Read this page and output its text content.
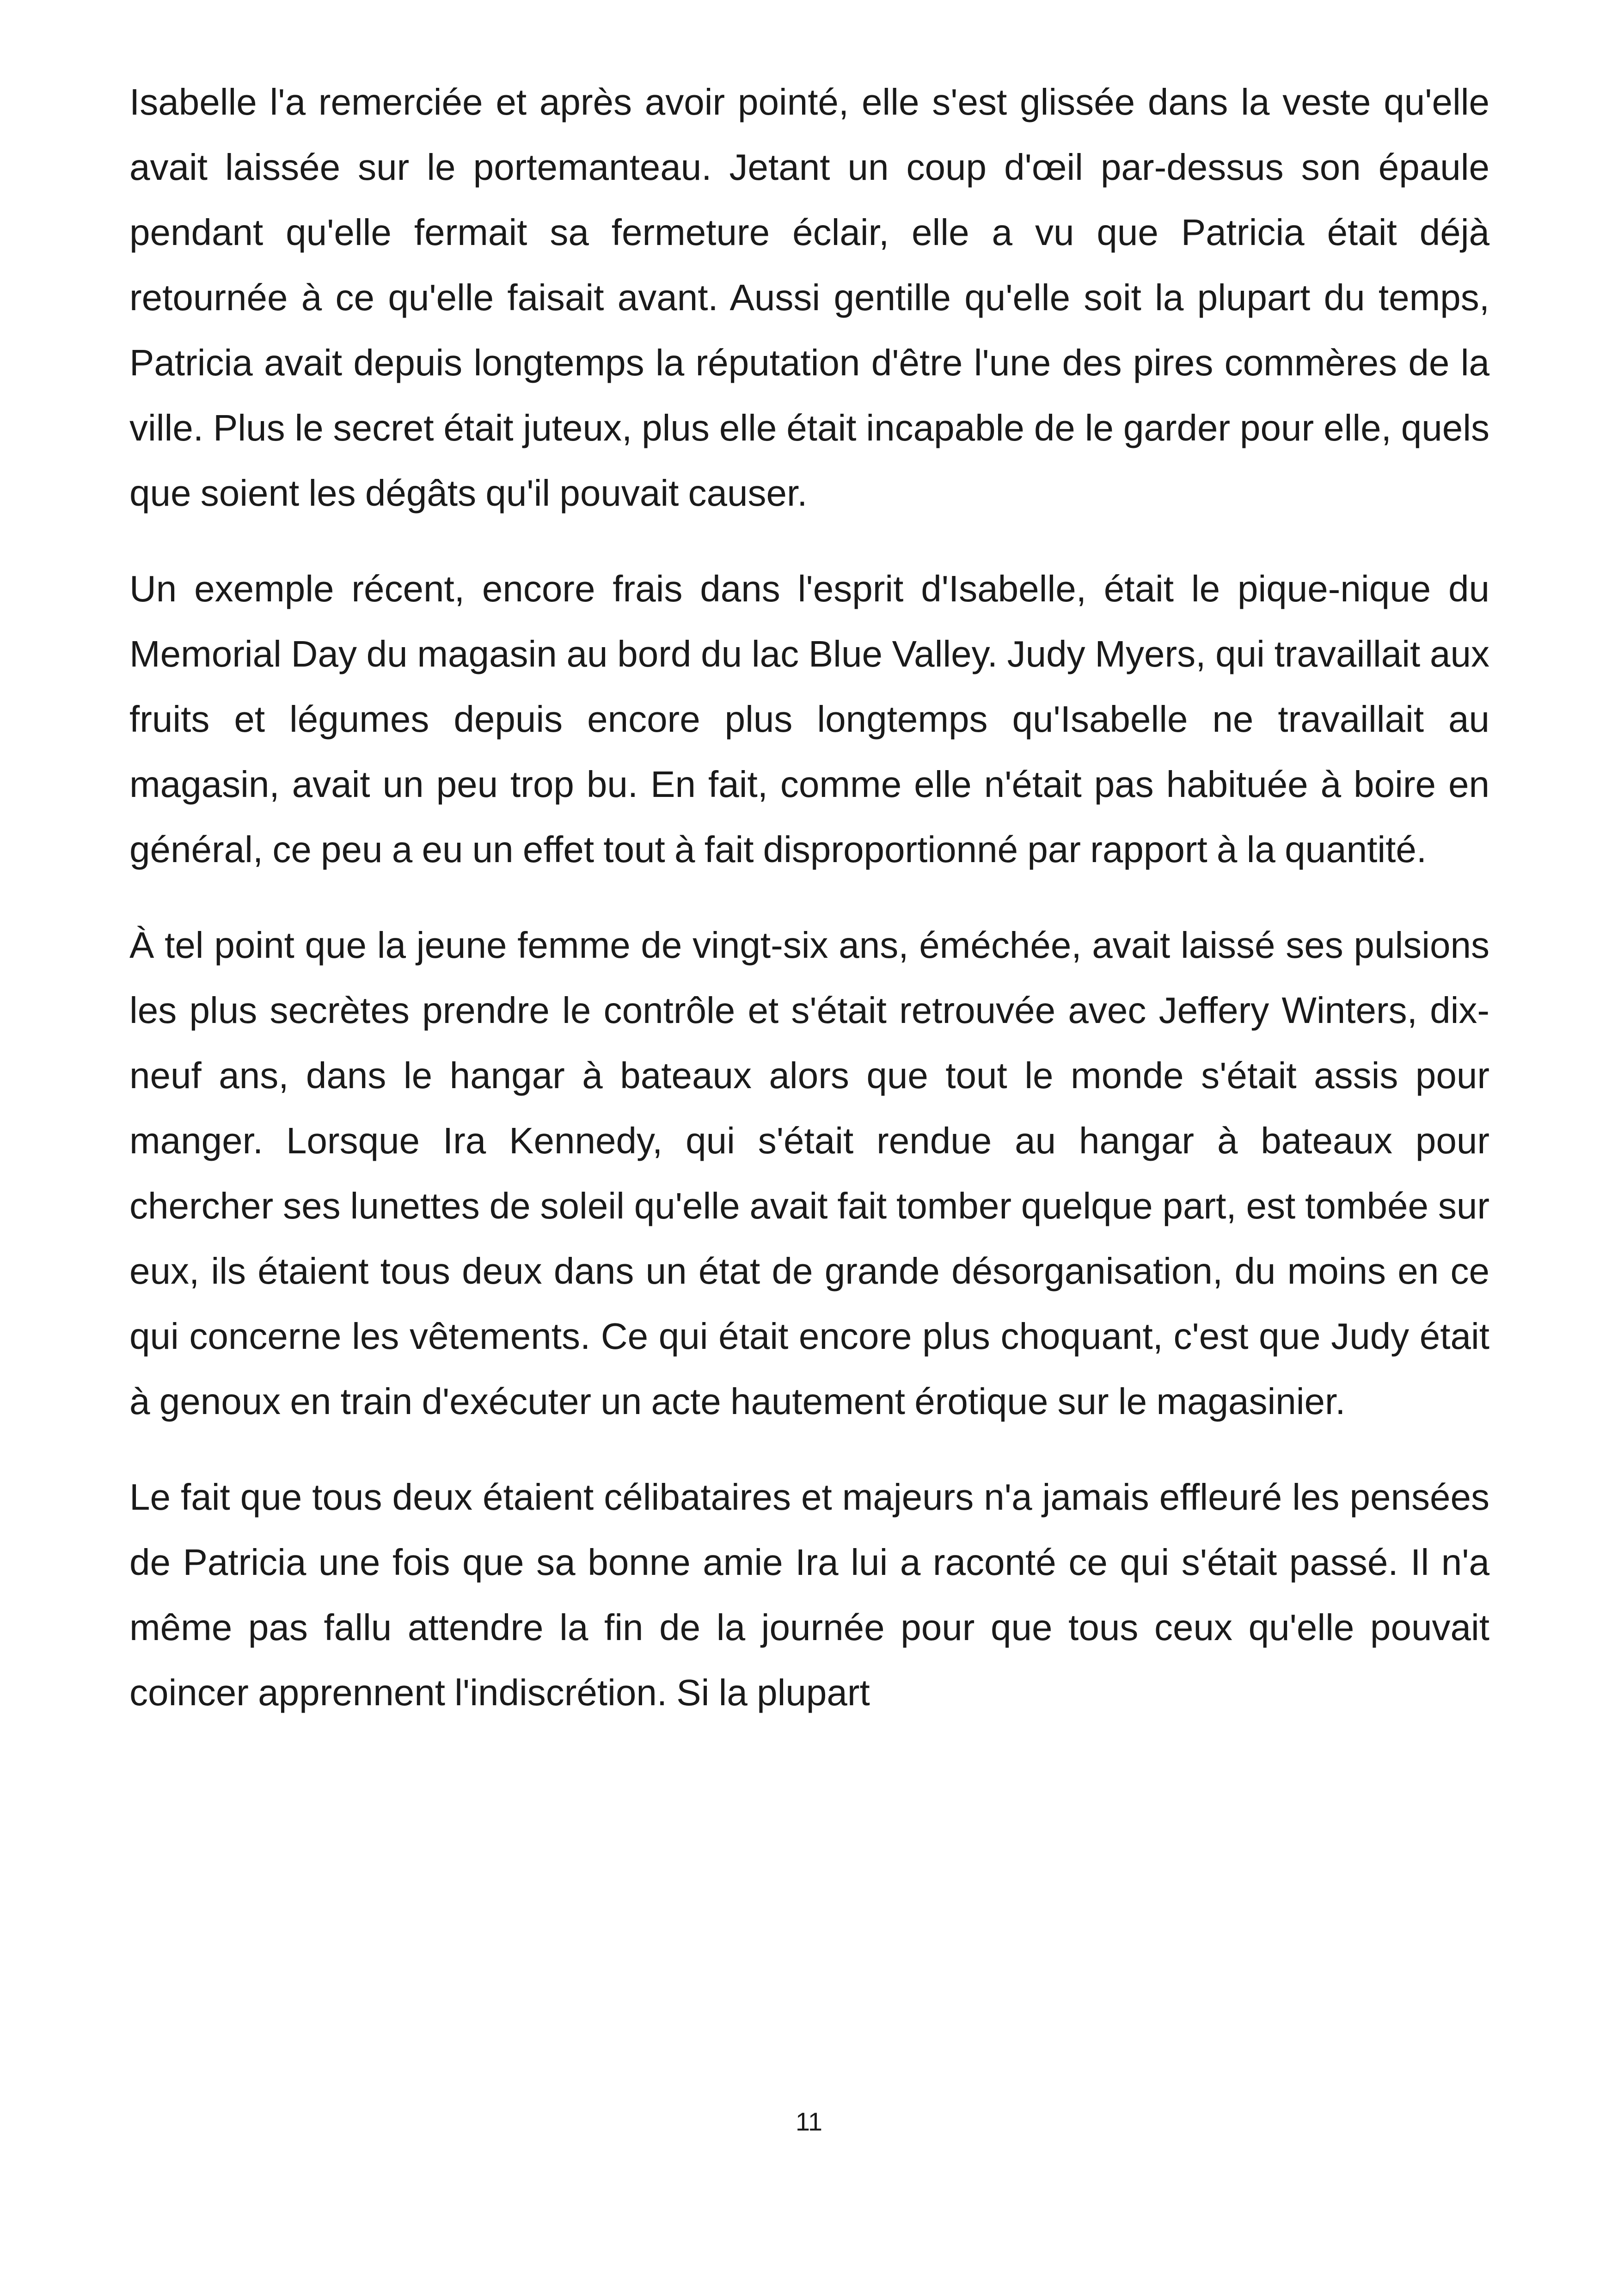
Isabelle l'a remerciée et après avoir pointé, elle s'est glissée dans la veste qu'elle avait laissée sur le portemanteau. Jetant un coup d'œil par-dessus son épaule pendant qu'elle fermait sa fermeture éclair, elle a vu que Patricia était déjà retournée à ce qu'elle faisait avant. Aussi gentille qu'elle soit la plupart du temps, Patricia avait depuis longtemps la réputation d'être l'une des pires commères de la ville. Plus le secret était juteux, plus elle était incapable de le garder pour elle, quels que soient les dégâts qu'il pouvait causer.

Un exemple récent, encore frais dans l'esprit d'Isabelle, était le pique-nique du Memorial Day du magasin au bord du lac Blue Valley. Judy Myers, qui travaillait aux fruits et légumes depuis encore plus longtemps qu'Isabelle ne travaillait au magasin, avait un peu trop bu. En fait, comme elle n'était pas habituée à boire en général, ce peu a eu un effet tout à fait disproportionné par rapport à la quantité.

À tel point que la jeune femme de vingt-six ans, éméchée, avait laissé ses pulsions les plus secrètes prendre le contrôle et s'était retrouvée avec Jeffery Winters, dix-neuf ans, dans le hangar à bateaux alors que tout le monde s'était assis pour manger. Lorsque Ira Kennedy, qui s'était rendue au hangar à bateaux pour chercher ses lunettes de soleil qu'elle avait fait tomber quelque part, est tombée sur eux, ils étaient tous deux dans un état de grande désorganisation, du moins en ce qui concerne les vêtements. Ce qui était encore plus choquant, c'est que Judy était à genoux en train d'exécuter un acte hautement érotique sur le magasinier.

Le fait que tous deux étaient célibataires et majeurs n'a jamais effleuré les pensées de Patricia une fois que sa bonne amie Ira lui a raconté ce qui s'était passé. Il n'a même pas fallu attendre la fin de la journée pour que tous ceux qu'elle pouvait coincer apprennent l'indiscrétion. Si la plupart

11
